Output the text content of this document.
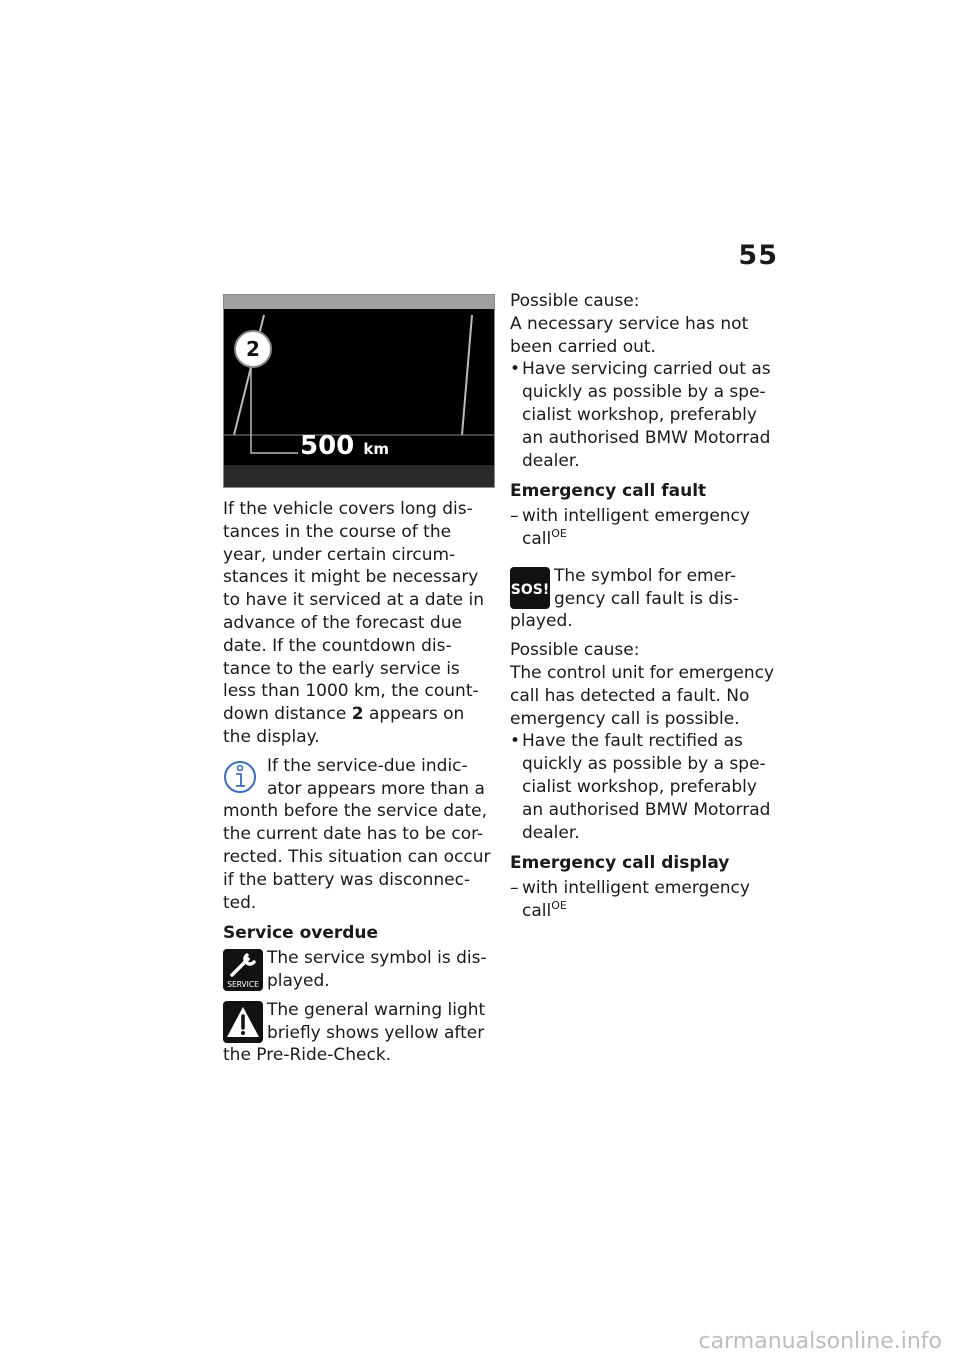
55
2
500 km

If the vehicle covers long dis-tances in the course of the year, under certain circum-stances it might be necessary to have it serviced at a date in advance of the forecast due date. If the countdown dis-tance to the early service is less than 1000 km, the count-down distance 2 appears on the display.

If the service-due indic-ator appears more than a month before the service date, the current date has to be cor-rected. This situation can occur if the battery was disconnec-ted.
Service overdue
SERVICE
The service symbol is dis-played.
The general warning light briefly shows yellow after the Pre-Ride-Check.

Possible cause:

A necessary service has not been carried out.

• Have servicing carried out as quickly as possible by a spe-cialist workshop, preferably an authorised BMW Motorrad dealer.
Emergency call fault
– with intelligent emergency call$^{OE}$
SOS!
The symbol for emer-gency call fault is dis-played.

Possible cause:

The control unit for emergency call has detected a fault. No emergency call is possible.

• Have the fault rectified as quickly as possible by a spe-cialist workshop, preferably an authorised BMW Motorrad dealer.
Emergency call display
– with intelligent emergency call$^{OE}$
carmanualsonline.info
